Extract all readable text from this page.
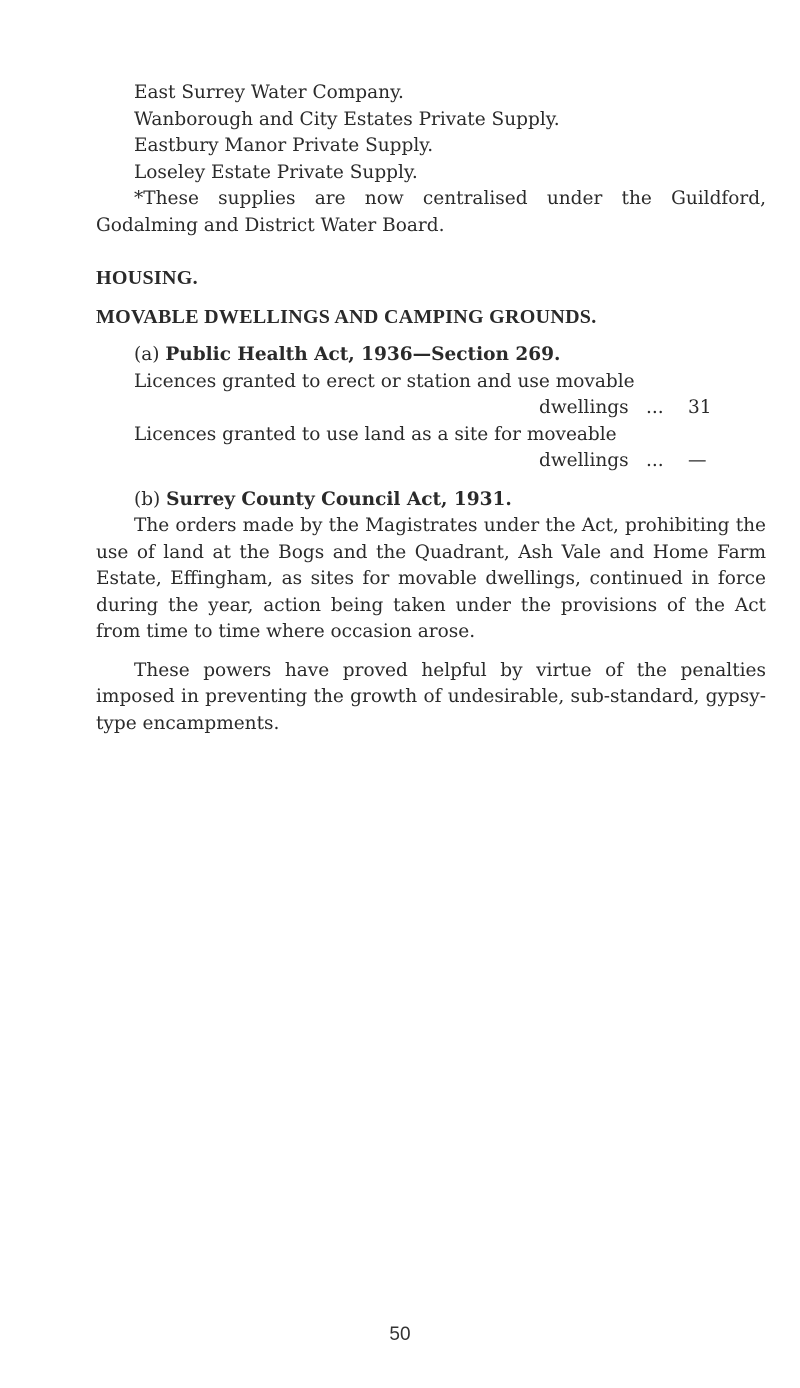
East Surrey Water Company.
Wanborough and City Estates Private Supply.
Eastbury Manor Private Supply.
Loseley Estate Private Supply.
*These supplies are now centralised under the Guildford, Godalming and District Water Board.
HOUSING.
MOVABLE DWELLINGS AND CAMPING GROUNDS.
(a) Public Health Act, 1936—Section 269.
Licences granted to erect or station and use movable
dwellings ... 31
Licences granted to use land as a site for moveable
dwellings ... —
(b) Surrey County Council Act, 1931.
The orders made by the Magistrates under the Act, prohibiting the use of land at the Bogs and the Quadrant, Ash Vale and Home Farm Estate, Effingham, as sites for movable dwellings, continued in force during the year, action being taken under the provisions of the Act from time to time where occasion arose.
These powers have proved helpful by virtue of the penalties imposed in preventing the growth of undesirable, sub-standard, gypsy-type encampments.
50
